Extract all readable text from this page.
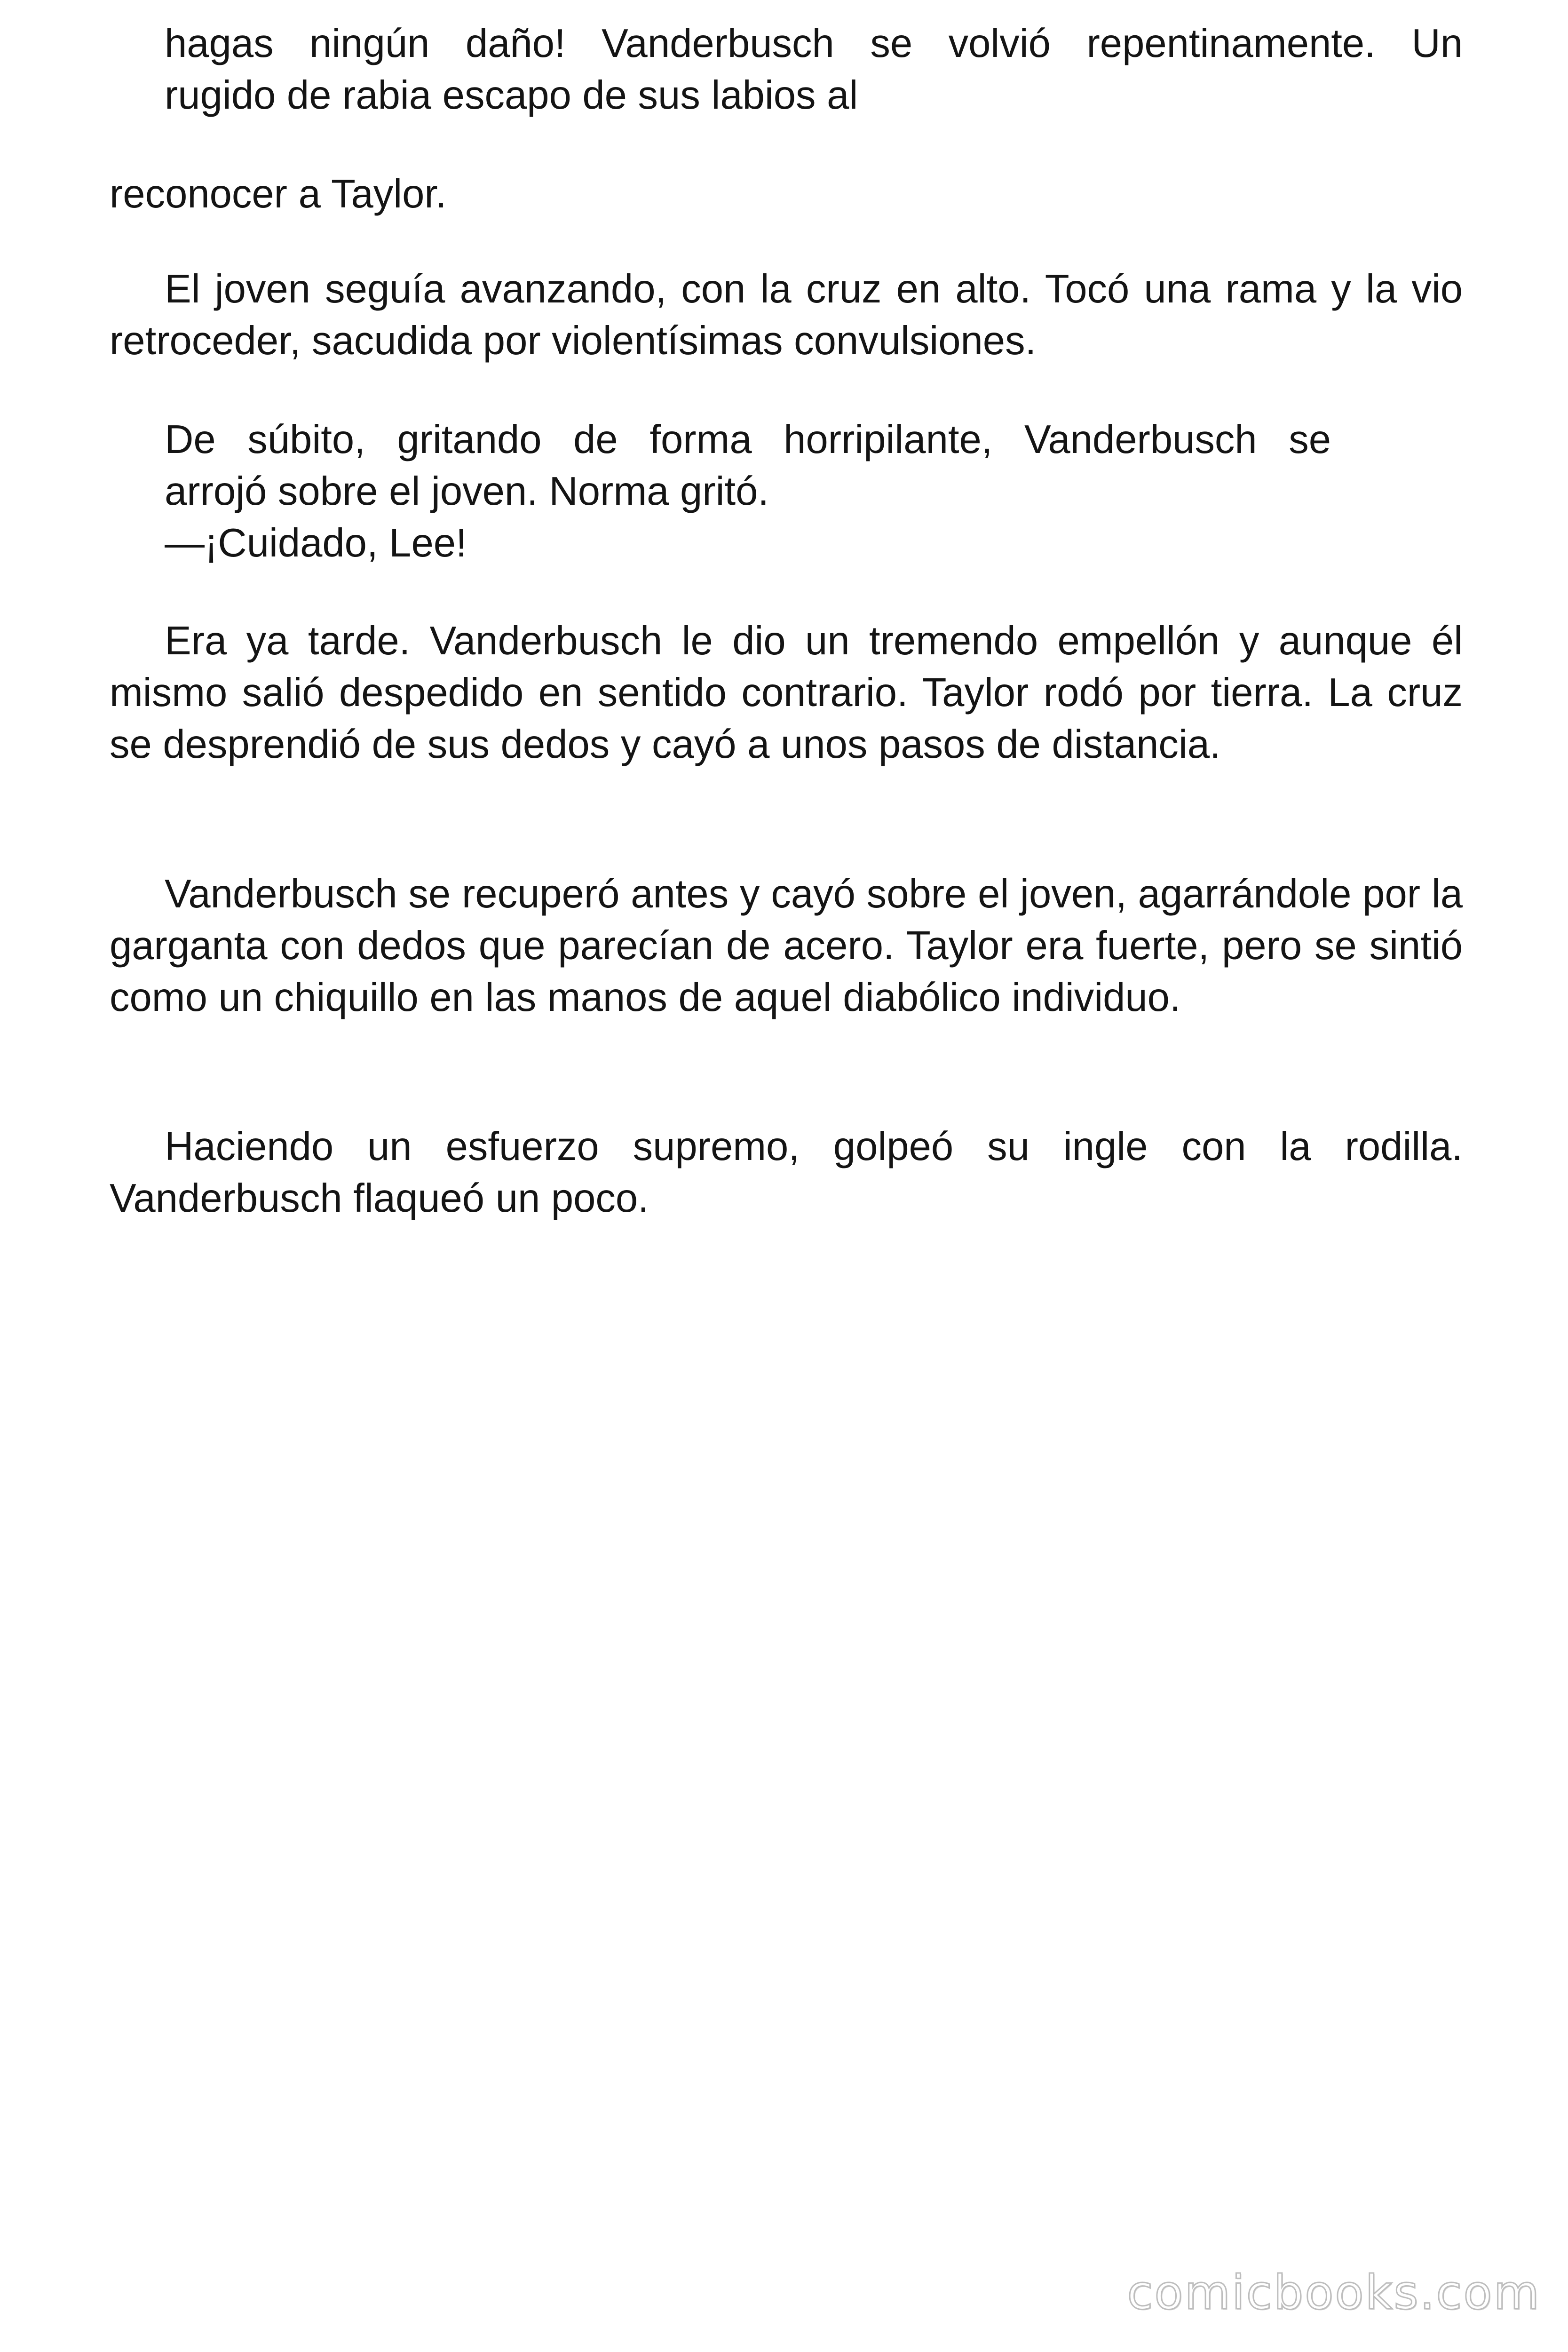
hagas ningún daño! Vanderbusch se volvió repentinamente. Un
rugido de rabia escapo de sus labios al

reconocer a Taylor.

El joven seguía avanzando, con la cruz en alto. Tocó una rama y la vio retroceder, sacudida por violentísimas convulsiones.

De súbito, gritando de forma horripilante, Vanderbusch se
arrojó sobre el joven. Norma gritó.
—¡Cuidado, Lee!

Era ya tarde. Vanderbusch le dio un tremendo empellón y aunque él mismo salió despedido en sentido contrario. Taylor rodó por tierra. La cruz se desprendió de sus dedos y cayó a unos pasos de distancia.

Vanderbusch se recuperó antes y cayó sobre el joven, agarrándole por la garganta con dedos que parecían de acero. Taylor era fuerte, pero se sintió como un chiquillo en las manos de aquel diabólico individuo.

Haciendo un esfuerzo supremo, golpeó su ingle con la rodilla. Vanderbusch flaqueó un poco.

comicbooks.com
